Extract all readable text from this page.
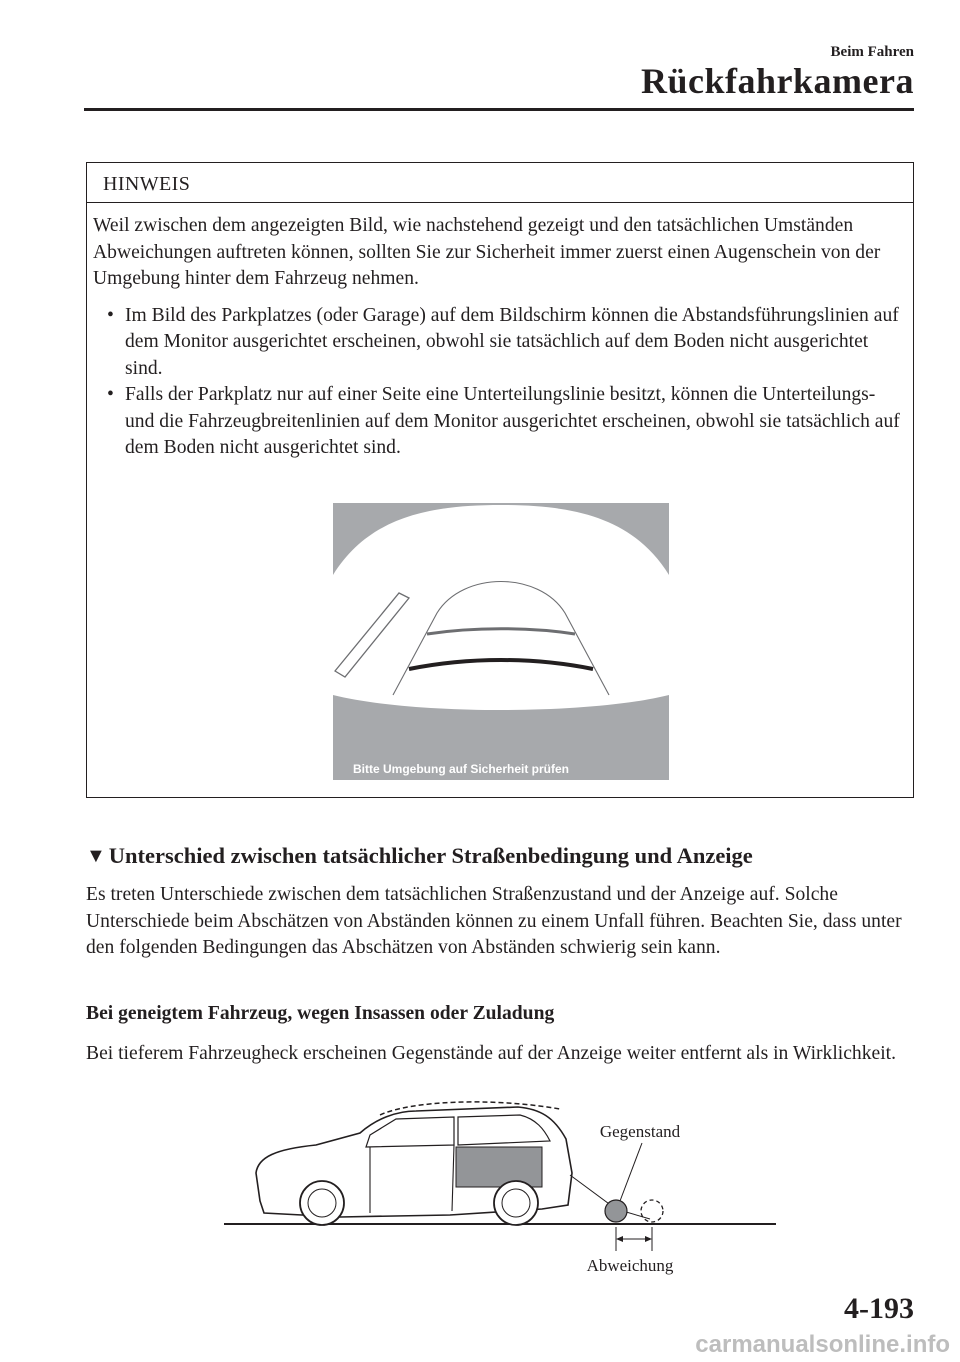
Beim Fahren
Rückfahrkamera
HINWEIS

Weil zwischen dem angezeigten Bild, wie nachstehend gezeigt und den tatsächlichen Umständen Abweichungen auftreten können, sollten Sie zur Sicherheit immer zuerst einen Augenschein von der Umgebung hinter dem Fahrzeug nehmen.

• Im Bild des Parkplatzes (oder Garage) auf dem Bildschirm können die Abstandsführungslinien auf dem Monitor ausgerichtet erscheinen, obwohl sie tatsächlich auf dem Boden nicht ausgerichtet sind.
• Falls der Parkplatz nur auf einer Seite eine Unterteilungslinie besitzt, können die Unterteilungs- und die Fahrzeugbreitenlinien auf dem Monitor ausgerichtet erscheinen, obwohl sie tatsächlich auf dem Boden nicht ausgerichtet sind.
Bitte Umgebung auf Sicherheit prüfen
▼ Unterschied zwischen tatsächlicher Straßenbedingung und Anzeige

Es treten Unterschiede zwischen dem tatsächlichen Straßenzustand und der Anzeige auf. Solche Unterschiede beim Abschätzen von Abständen können zu einem Unfall führen. Beachten Sie, dass unter den folgenden Bedingungen das Abschätzen von Abständen schwierig sein kann.

Bei geneigtem Fahrzeug, wegen Insassen oder Zuladung

Bei tieferem Fahrzeugheck erscheinen Gegenstände auf der Anzeige weiter entfernt als in Wirklichkeit.

Gegenstand
Abweichung
4-193
carmanualsonline.info
